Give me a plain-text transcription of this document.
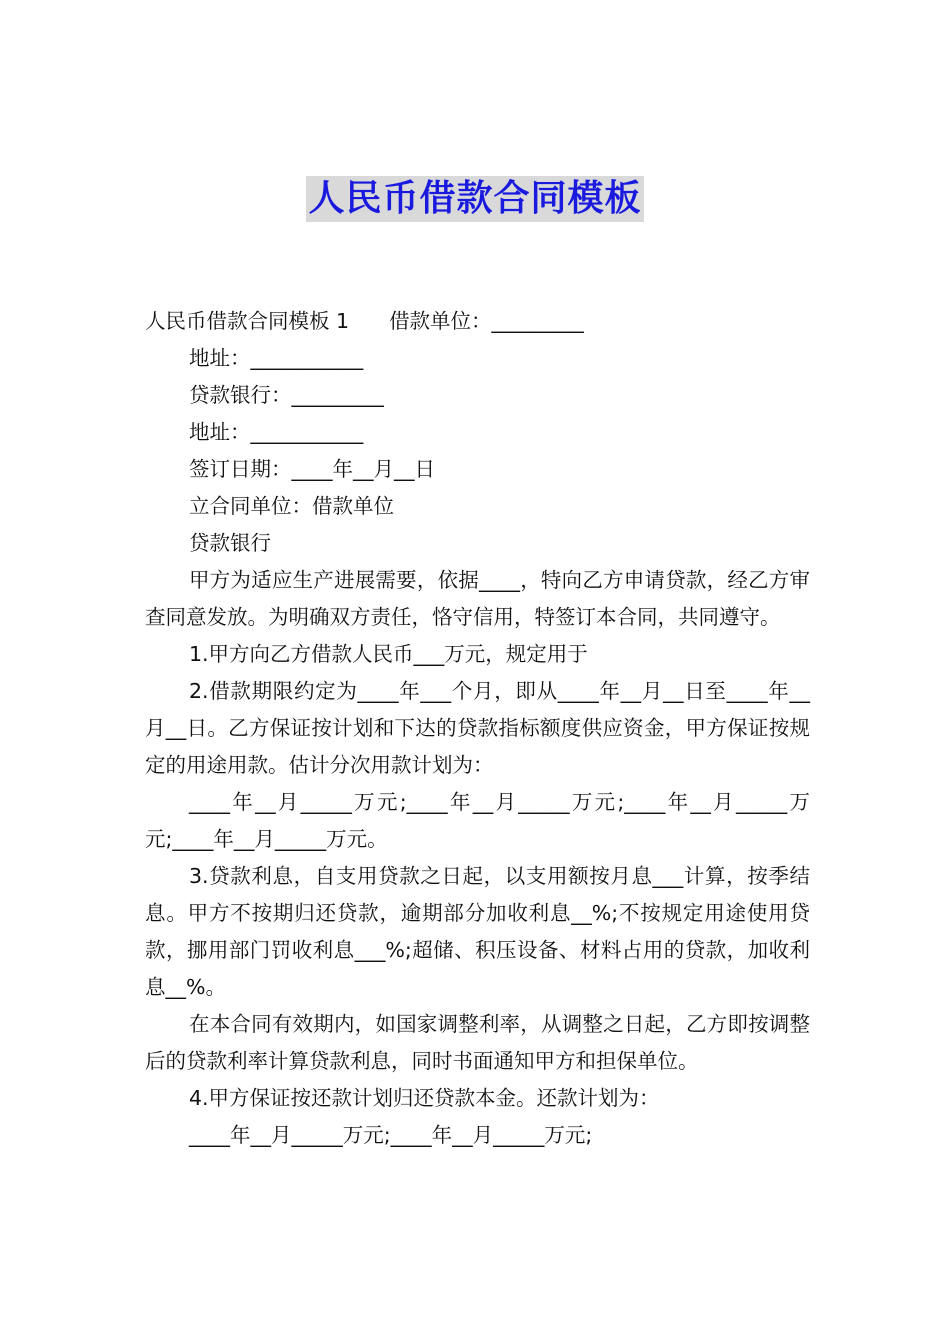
人民币借款合同模板

人民币借款合同模板 1 借款单位：_________

地址：___________

贷款银行：_________

地址：___________

签订日期：____年__月__日

立合同单位：借款单位

贷款银行

甲方为适应生产进展需要，依据____，特向乙方申请贷款，经乙方审查同意发放。为明确双方责任，恪守信用，特签订本合同，共同遵守。

1.甲方向乙方借款人民币___万元，规定用于

2.借款期限约定为____年___个月，即从____年__月__日至____年__月__日。乙方保证按计划和下达的贷款指标额度供应资金，甲方保证按规定的用途用款。估计分次用款计划为：

____年__月_____万元;____年__月_____万元;____年__月_____万元;____年__月_____万元。

3.贷款利息，自支用贷款之日起，以支用额按月息___计算，按季结息。甲方不按期归还贷款，逾期部分加收利息__%;不按规定用途使用贷款，挪用部门罚收利息___%;超储、积压设备、材料占用的贷款，加收利息__%。

在本合同有效期内，如国家调整利率，从调整之日起，乙方即按调整后的贷款利率计算贷款利息，同时书面通知甲方和担保单位。

4.甲方保证按还款计划归还贷款本金。还款计划为：

____年__月_____万元;____年__月_____万元;
